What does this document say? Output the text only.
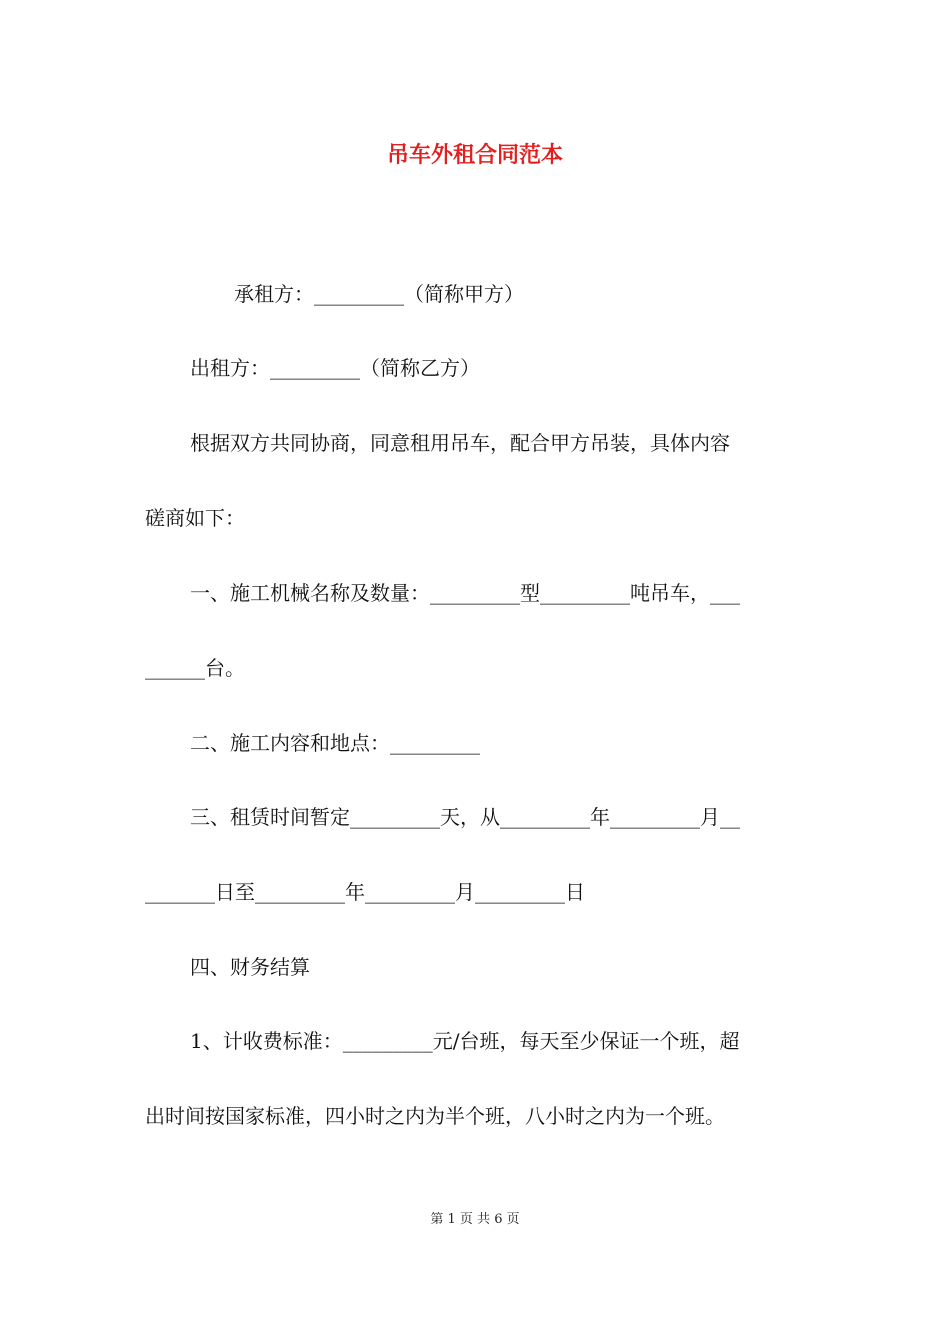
吊车外租合同范本
承租方：_________（简称甲方）
出租方：_________（简称乙方）
根据双方共同协商，同意租用吊车，配合甲方吊装，具体内容
磋商如下：
一、施工机械名称及数量：_________型_________吨吊车，___
______台。
二、施工内容和地点：_________
三、租赁时间暂定_________天，从_________年_________月__
_______日至_________年_________月_________日
四、财务结算
1、计收费标准：_________元/台班，每天至少保证一个班，超
出时间按国家标准，四小时之内为半个班，八小时之内为一个班。
第 1 页 共 6 页
